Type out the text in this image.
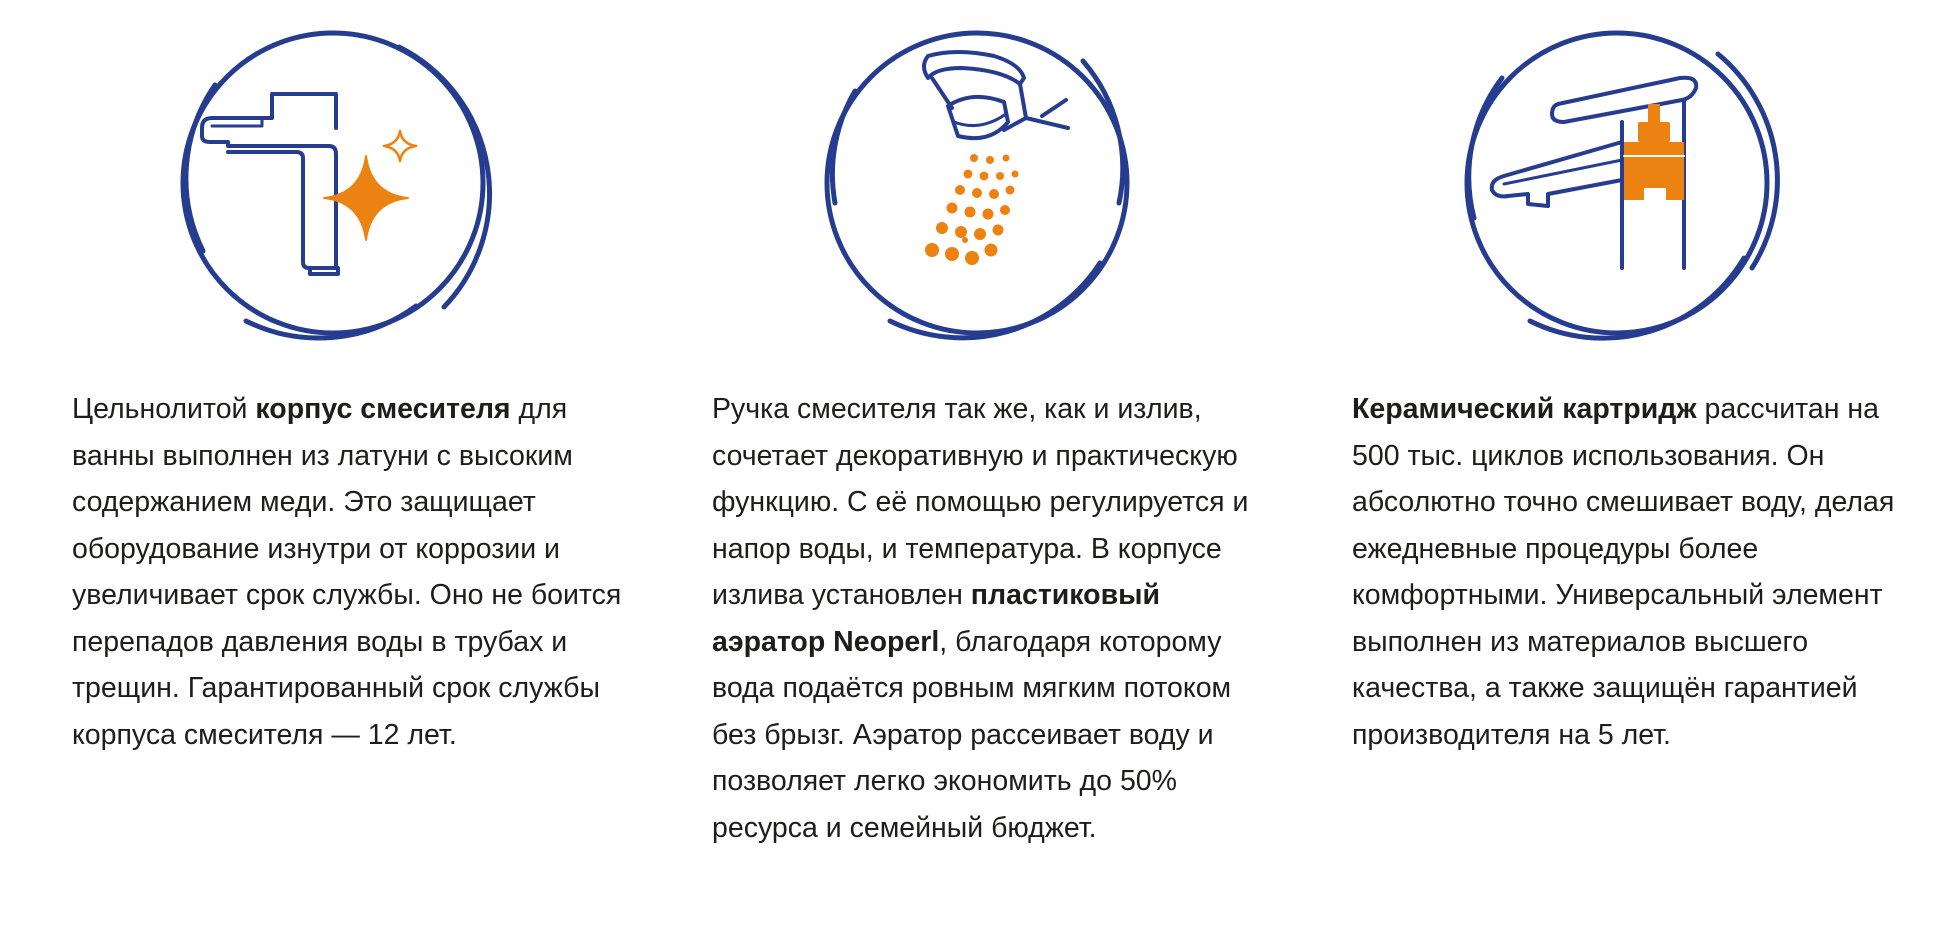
Цельнолитой корпус смесителя для ванны выполнен из латуни с высоким содержанием меди. Это защищает оборудование изнутри от коррозии и увеличивает срок службы. Оно не боится перепадов давления воды в трубах и трещин. Гарантированный срок службы корпуса смесителя — 12 лет.

Ручка смесителя так же, как и излив, сочетает декоративную и практическую функцию. С её помощью регулируется и напор воды, и температура. В корпусе излива установлен пластиковый аэратор Neoperl, благодаря которому вода подаётся ровным мягким потоком без брызг. Аэратор рассеивает воду и позволяет легко экономить до 50% ресурса и семейный бюджет.

Керамический картридж рассчитан на 500 тыс. циклов использования. Он абсолютно точно смешивает воду, делая ежедневные процедуры более комфортными. Универсальный элемент выполнен из материалов высшего качества, а также защищён гарантией производителя на 5 лет.
